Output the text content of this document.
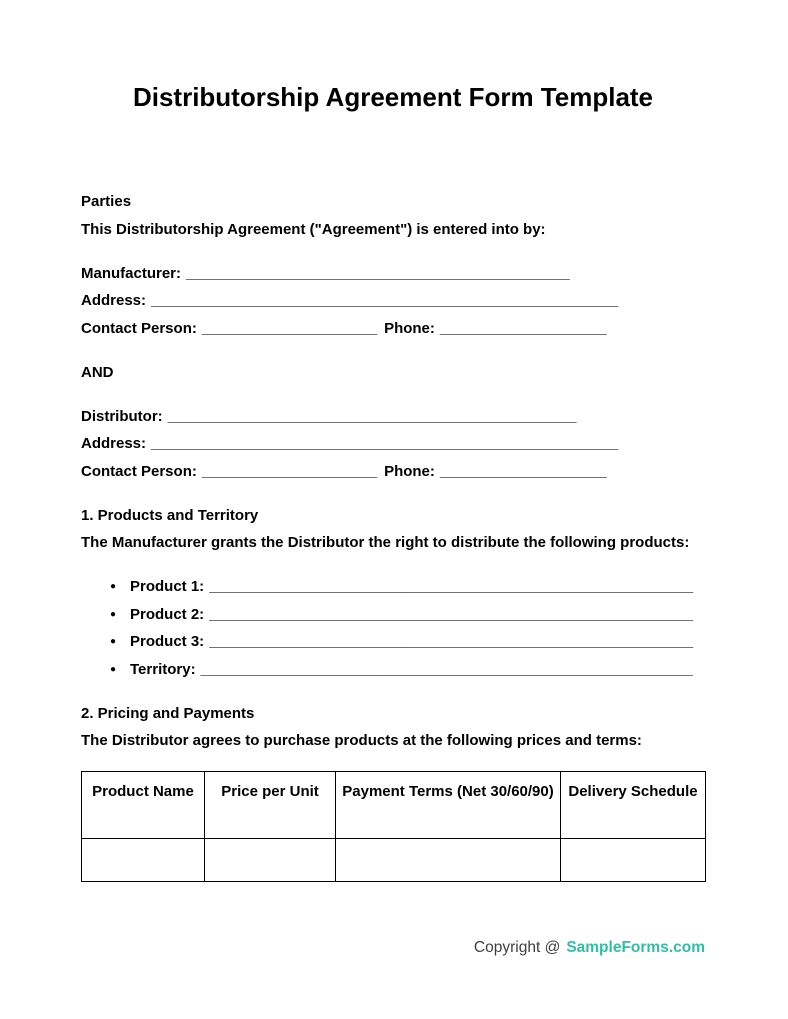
Distributorship Agreement Form Template

Parties

This Distributorship Agreement ("Agreement") is entered into by:

Manufacturer: ______________________________________________

Address: ________________________________________________________

Contact Person: _____________________ Phone: ____________________

AND

Distributor: _________________________________________________

Address: ________________________________________________________

Contact Person: _____________________ Phone: ____________________

1. Products and Territory

The Manufacturer grants the Distributor the right to distribute the following products:

● Product 1: __________________________________________________________
● Product 2: __________________________________________________________
● Product 3: __________________________________________________________
● Territory: ___________________________________________________________

2. Pricing and Payments

The Distributor agrees to purchase products at the following prices and terms:

Product Name	Price per Unit	Payment Terms (Net 30/60/90)	Delivery Schedule

Copyright @ SampleForms.com
